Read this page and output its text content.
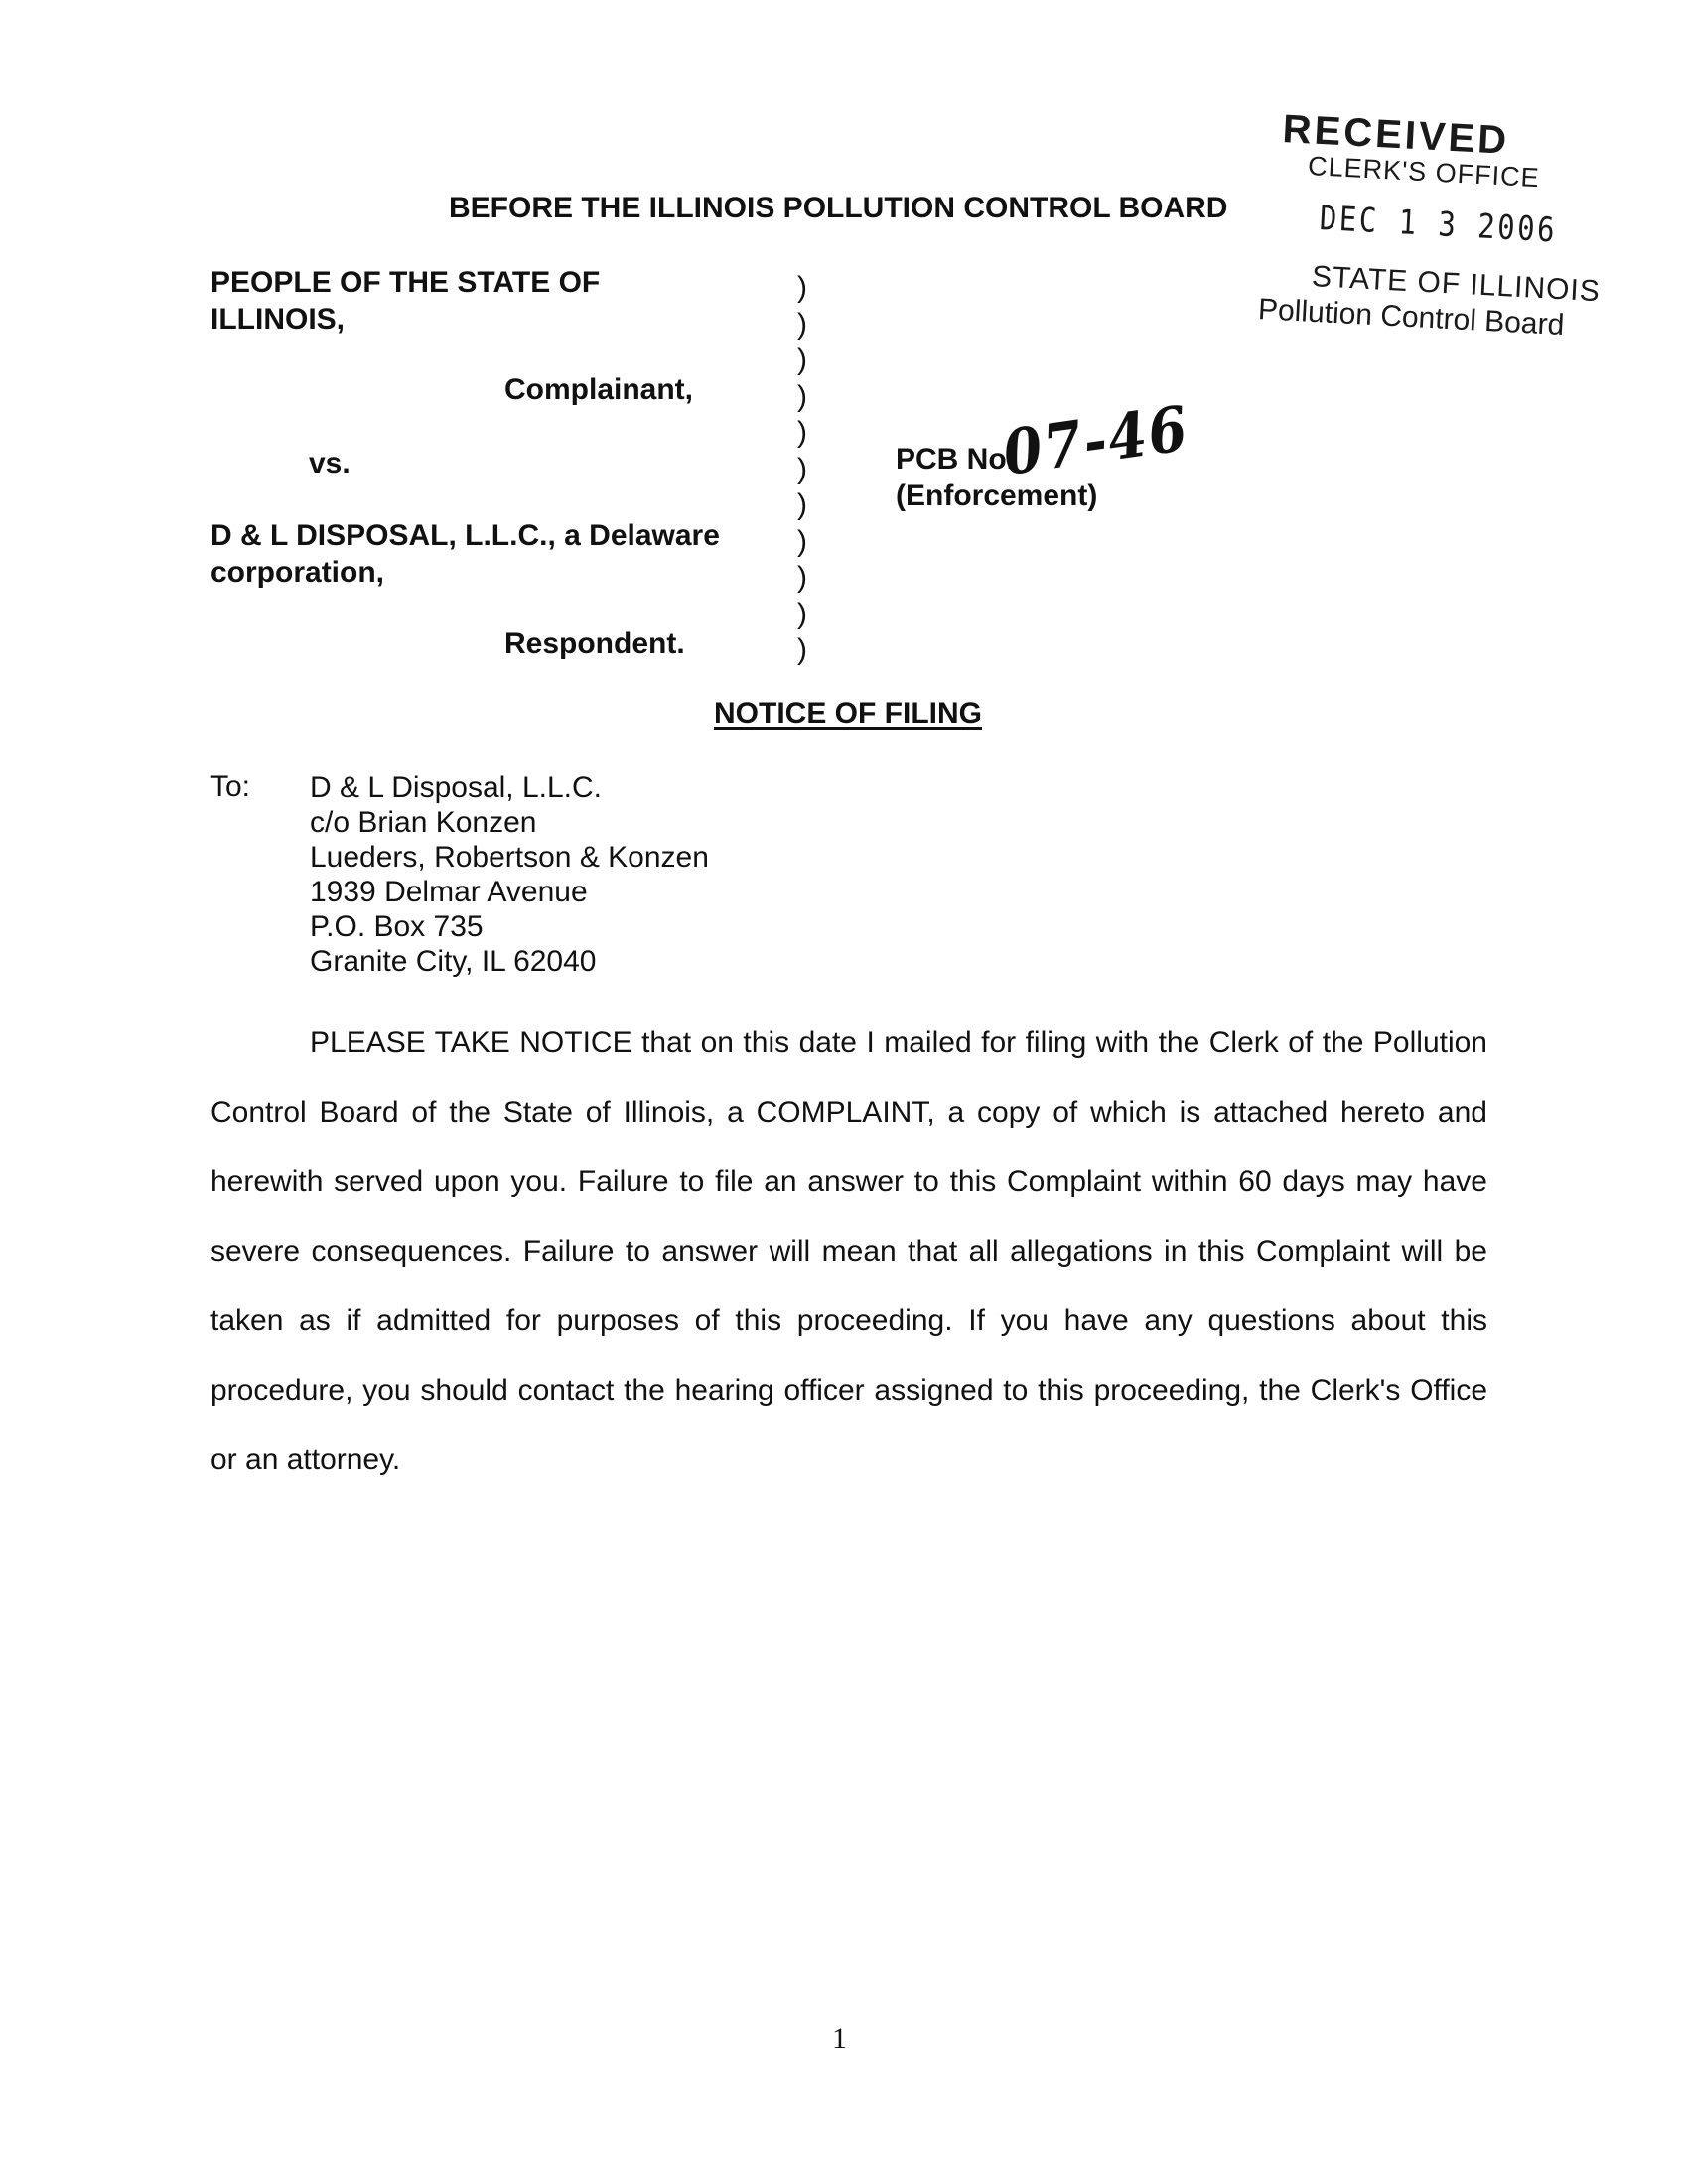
RECEIVED
CLERK'S OFFICE
DEC 1 3 2006
STATE OF ILLINOIS
Pollution Control Board
BEFORE THE ILLINOIS POLLUTION CONTROL BOARD
PEOPLE OF THE STATE OF
ILLINOIS,
Complainant,
vs.
D & L DISPOSAL, L.L.C., a Delaware
corporation,
Respondent.
)
)
)
)
)
)
)
)
)
)
)
PCB No.
07-46
(Enforcement)
NOTICE OF FILING
To: D & L Disposal, L.L.C.
c/o Brian Konzen
Lueders, Robertson & Konzen
1939 Delmar Avenue
P.O. Box 735
Granite City, IL 62040
PLEASE TAKE NOTICE that on this date I mailed for filing with the Clerk of the Pollution Control Board of the State of Illinois, a COMPLAINT, a copy of which is attached hereto and herewith served upon you. Failure to file an answer to this Complaint within 60 days may have severe consequences. Failure to answer will mean that all allegations in this Complaint will be taken as if admitted for purposes of this proceeding. If you have any questions about this procedure, you should contact the hearing officer assigned to this proceeding, the Clerk's Office or an attorney.
1
